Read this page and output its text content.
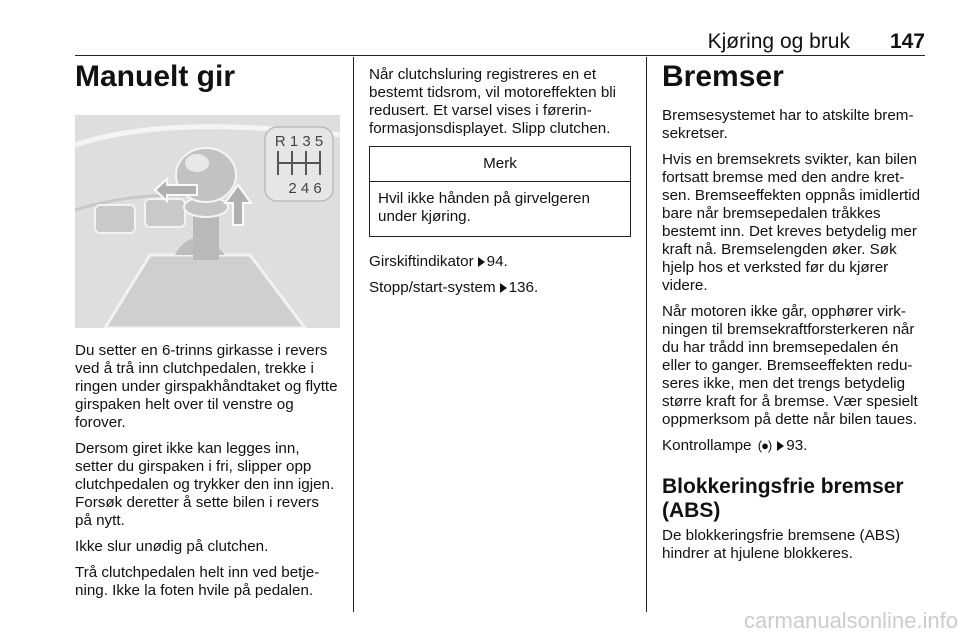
Kjøring og bruk 147
Manuelt gir
R 1 3 5
2 4 6

Du setter en 6-trinns girkasse i revers ved å trå inn clutchpedalen, trekke i ringen under girspakhåndtaket og flytte girspaken helt over til venstre og forover.

Dersom giret ikke kan legges inn, setter du girspaken i fri, slipper opp clutchpedalen og trykker den inn igjen. Forsøk deretter å sette bilen i revers på nytt.

Ikke slur unødig på clutchen.

Trå clutchpedalen helt inn ved betjening. Ikke la foten hvile på pedalen.

Når clutchsluring registreres en et bestemt tidsrom, vil motoreffekten bli redusert. Et varsel vises i førerinformasjonsdisplayet. Slipp clutchen.

Merk
Hvil ikke hånden på girvelgeren under kjøring.

Girskiftindikator 94.

Stopp/start-system 136.

Bremser

Bremsesystemet har to atskilte bremsekretser.

Hvis en bremsekrets svikter, kan bilen fortsatt bremse med den andre kretsen. Bremseeffekten oppnås imidlertid bare når bremsepedalen tråkkes bestemt inn. Det kreves betydelig mer kraft nå. Bremselengden øker. Søk hjelp hos et verksted før du kjører videre.

Når motoren ikke går, opphører virkningen til bremsekraftforsterkeren når du har trådd inn bremsepedalen én eller to ganger. Bremseeffekten reduseres ikke, men det trengs betydelig større kraft for å bremse. Vær spesielt oppmerksom på dette når bilen taues.

Kontrollampe (●) 93.

Blokkeringsfrie bremser (ABS)

De blokkeringsfrie bremsene (ABS) hindrer at hjulene blokkeres.

carmanualsonline.info
